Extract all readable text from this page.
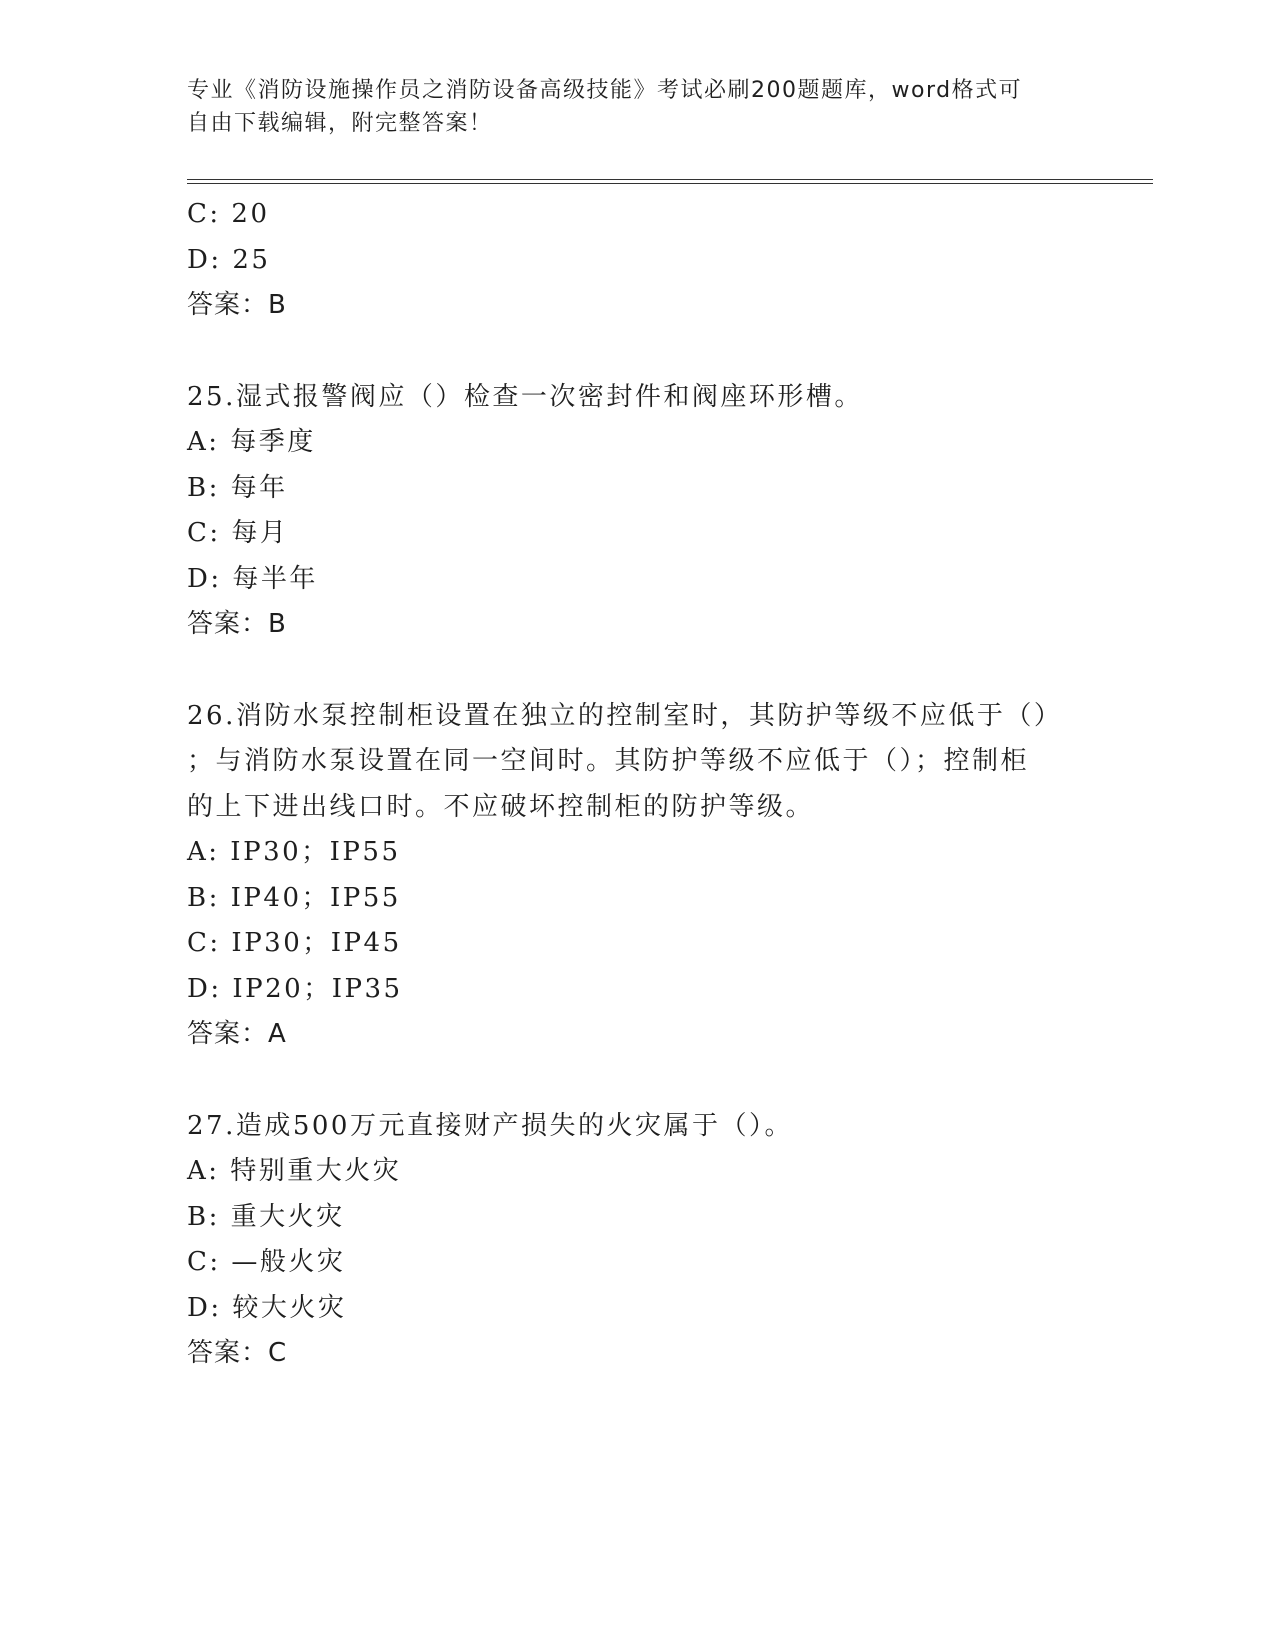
专业《消防设施操作员之消防设备高级技能》考试必刷200题题库，word格式可
自由下载编辑，附完整答案！
C: 20
D: 25
答案：B
25.湿式报警阀应（）检查一次密封件和阀座环形槽。
A: 每季度
B: 每年
C: 每月
D: 每半年
答案：B
26.消防水泵控制柜设置在独立的控制室时，其防护等级不应低于（）
；与消防水泵设置在同一空间时。其防护等级不应低于（）；控制柜
的上下进出线口时。不应破坏控制柜的防护等级。
A: IP30；IP55
B: IP40；IP55
C: IP30；IP45
D: IP20；IP35
答案：A
27.造成500万元直接财产损失的火灾属于（）。
A: 特别重大火灾
B: 重大火灾
C: —般火灾
D: 较大火灾
答案：C
